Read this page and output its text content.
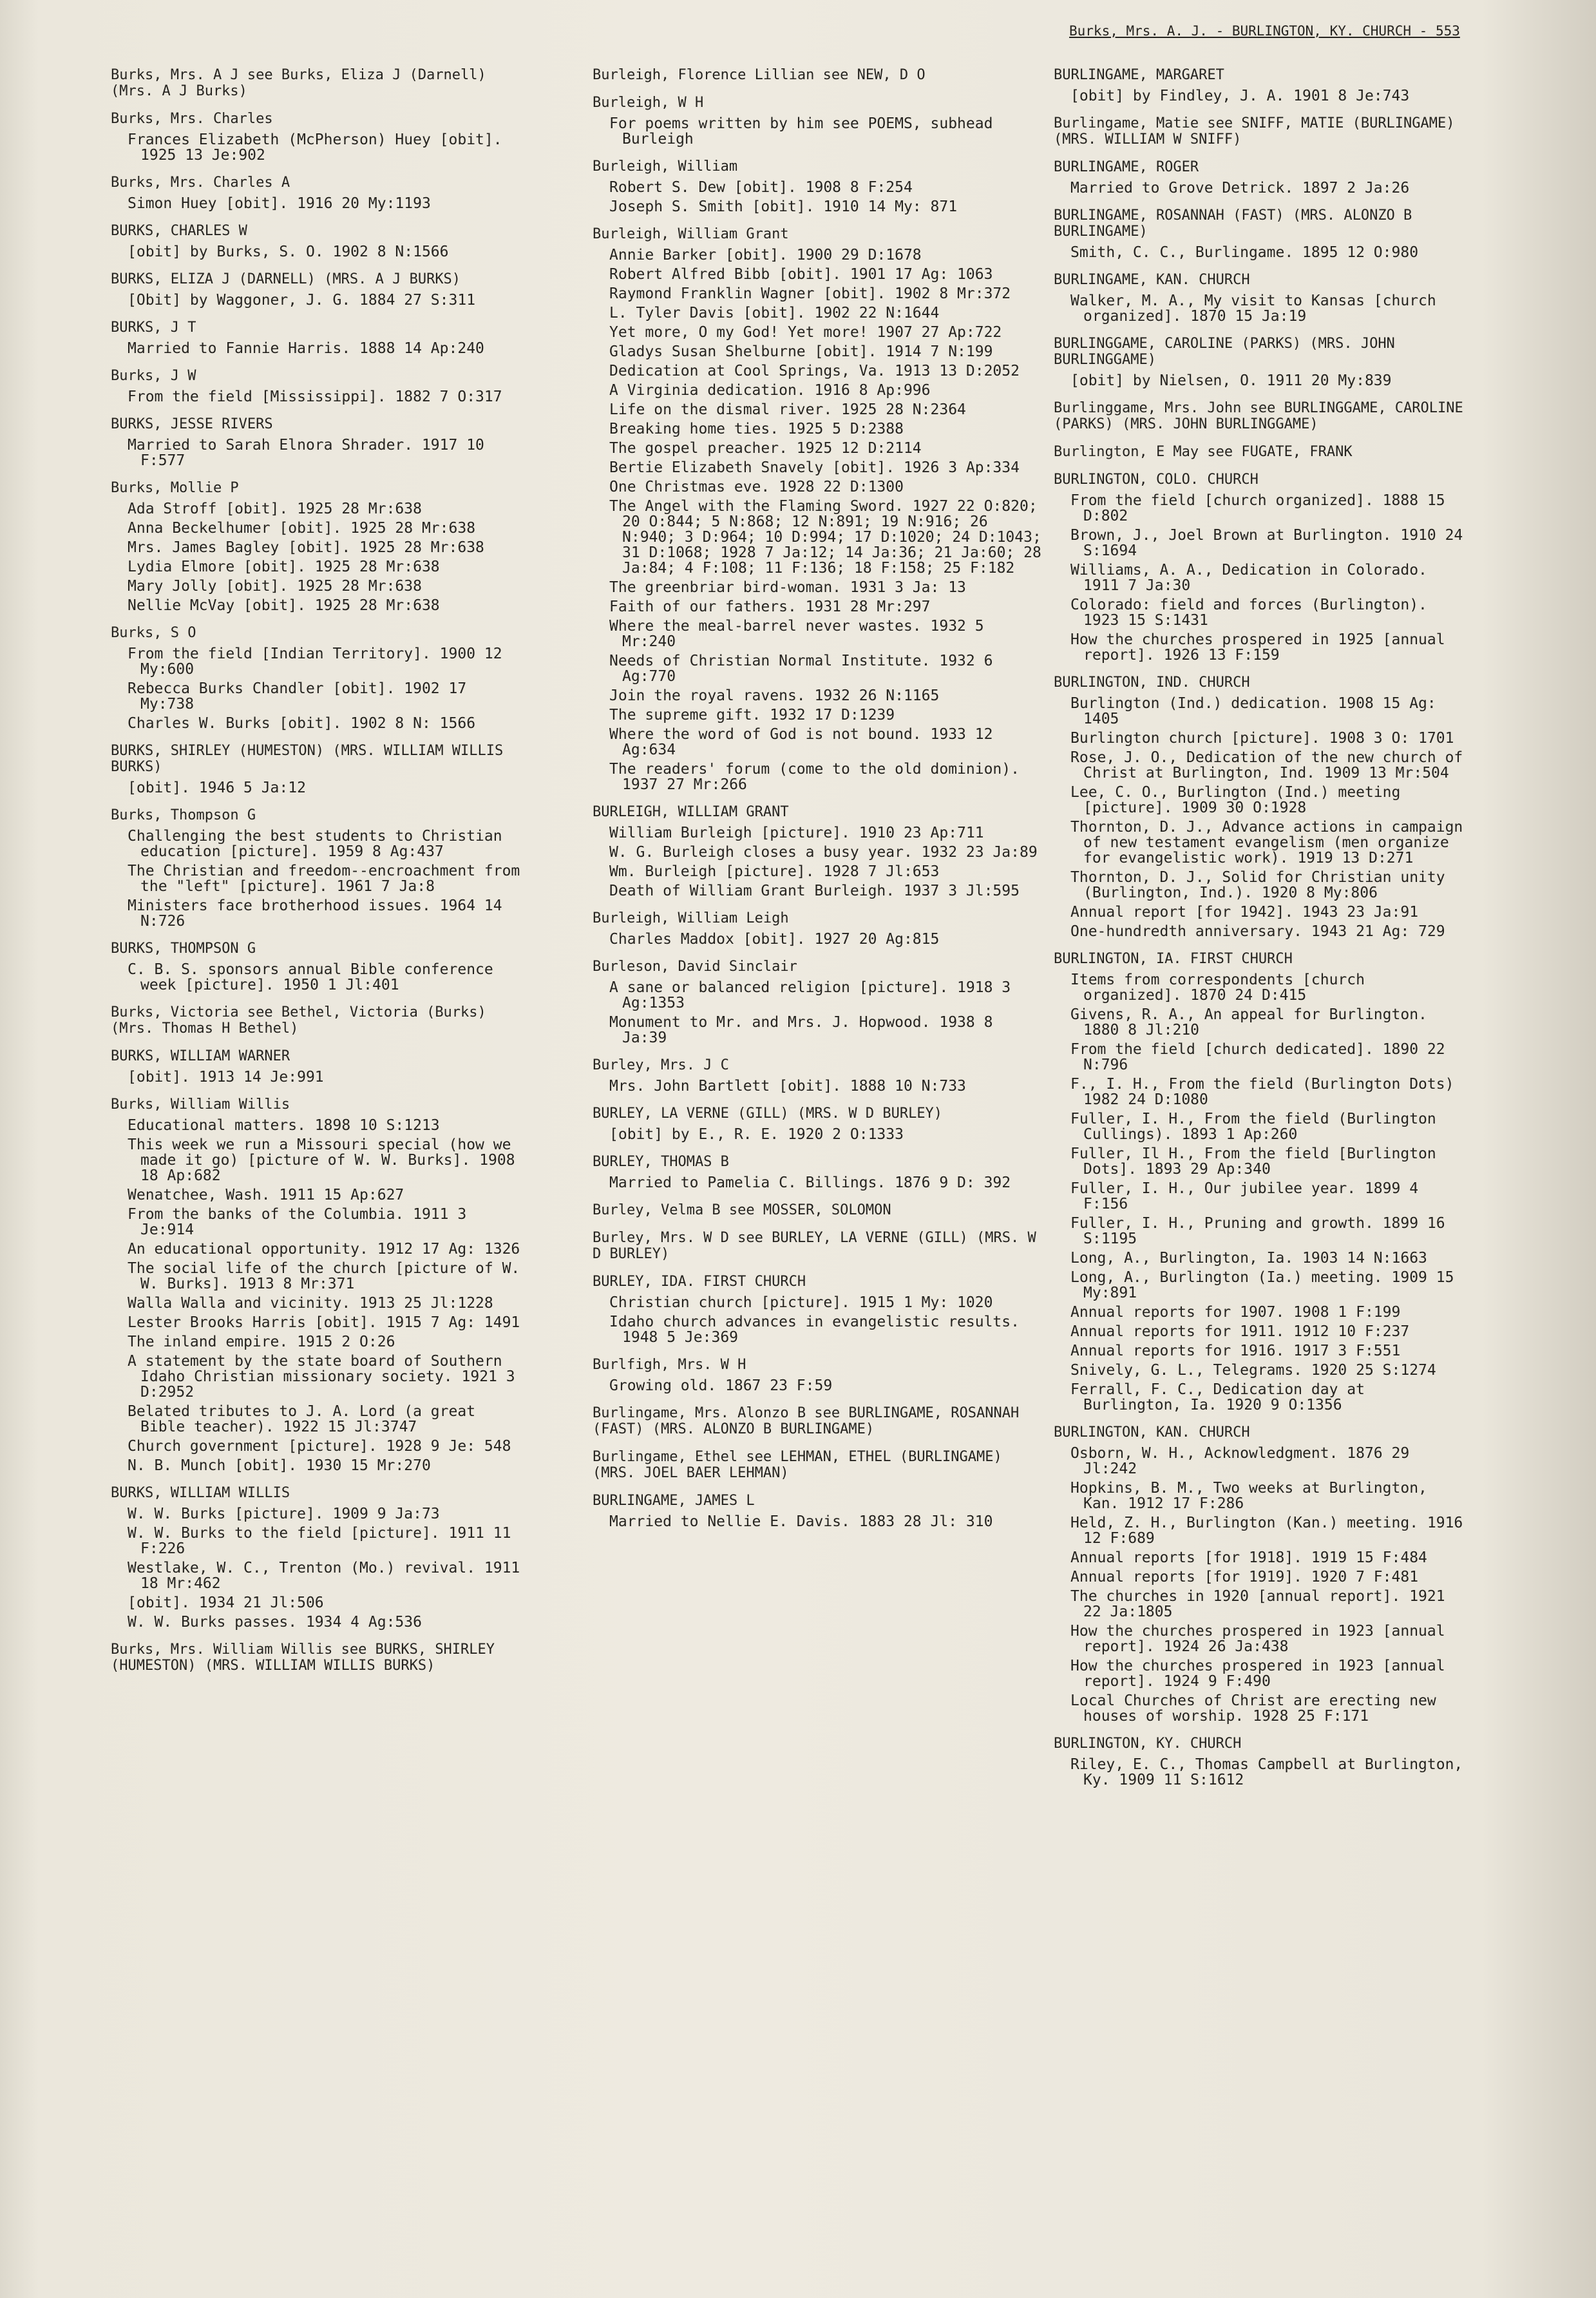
Burks, Mrs. A. J. - BURLINGTON, KY. CHURCH - 553
Burks, Mrs. A J see Burks, Eliza J (Darnell)(Mrs. A J Burks)
Burks, Mrs. Charles
Frances Elizabeth (McPherson) Huey [obit]. 1925 13 Je:902
Burks, Mrs. Charles A
Simon Huey [obit]. 1916 20 My:1193
BURKS, CHARLES W
[obit] by Burks, S. O. 1902 8 N:1566
BURKS, ELIZA J (DARNELL) (MRS. A J BURKS)
[Obit] by Waggoner, J. G. 1884 27 S:311
BURKS, J T
Married to Fannie Harris. 1888 14 Ap:240
Burks, J W
From the field [Mississippi]. 1882 7 O:317
BURKS, JESSE RIVERS
Married to Sarah Elnora Shrader. 1917 10 F:577
Burks, Mollie P
Ada Stroff [obit]. 1925 28 Mr:638
Anna Beckelhumer [obit]. 1925 28 Mr:638
Mrs. James Bagley [obit]. 1925 28 Mr:638
Lydia Elmore [obit]. 1925 28 Mr:638
Mary Jolly [obit]. 1925 28 Mr:638
Nellie McVay [obit]. 1925 28 Mr:638
Burks, S O
From the field [Indian Territory]. 1900 12 My:600
Rebecca Burks Chandler [obit]. 1902 17 My:738
Charles W. Burks [obit]. 1902 8 N: 1566
BURKS, SHIRLEY (HUMESTON) (MRS. WILLIAM WILLIS BURKS)
[obit]. 1946 5 Ja:12
Burks, Thompson G
Challenging the best students to Christian education [picture]. 1959 8 Ag:437
The Christian and freedom--encroachment from the "left" [picture]. 1961 7 Ja:8
Ministers face brotherhood issues. 1964 14 N:726
BURKS, THOMPSON G
C. B. S. sponsors annual Bible conference week [picture]. 1950 1 Jl:401
Burks, Victoria see Bethel, Victoria (Burks) (Mrs. Thomas H Bethel)
BURKS, WILLIAM WARNER
[obit]. 1913 14 Je:991
Burks, William Willis
Educational matters. 1898 10 S:1213
This week we run a Missouri special (how we made it go) [picture of W. W. Burks]. 1908 18 Ap:682
Wenatchee, Wash. 1911 15 Ap:627
From the banks of the Columbia. 1911 3 Je:914
An educational opportunity. 1912 17 Ag: 1326
The social life of the church [picture of W. W. Burks]. 1913 8 Mr:371
Walla Walla and vicinity. 1913 25 Jl:1228
Lester Brooks Harris [obit]. 1915 7 Ag: 1491
The inland empire. 1915 2 O:26
A statement by the state board of Southern Idaho Christian missionary society. 1921 3 D:2952
Belated tributes to J. A. Lord (a great Bible teacher). 1922 15 Jl:3747
Church government [picture]. 1928 9 Je: 548
N. B. Munch [obit]. 1930 15 Mr:270
BURKS, WILLIAM WILLIS
W. W. Burks [picture]. 1909 9 Ja:73
W. W. Burks to the field [picture]. 1911 11 F:226
Westlake, W. C., Trenton (Mo.) revival. 1911 18 Mr:462
[obit]. 1934 21 Jl:506
W. W. Burks passes. 1934 4 Ag:536
Burks, Mrs. William Willis see BURKS, SHIRLEY (HUMESTON) (MRS. WILLIAM WILLIS BURKS)
Burleigh, Florence Lillian see NEW, D O
Burleigh, W H
For poems written by him see POEMS, subhead Burleigh
Burleigh, William
Robert S. Dew [obit]. 1908 8 F:254
Joseph S. Smith [obit]. 1910 14 My: 871
Burleigh, William Grant
Annie Barker [obit]. 1900 29 D:1678
Robert Alfred Bibb [obit]. 1901 17 Ag: 1063
Raymond Franklin Wagner [obit]. 1902 8 Mr:372
L. Tyler Davis [obit]. 1902 22 N:1644
Yet more, O my God! Yet more! 1907 27 Ap:722
Gladys Susan Shelburne [obit]. 1914 7 N:199
Dedication at Cool Springs, Va. 1913 13 D:2052
A Virginia dedication. 1916 8 Ap:996
Life on the dismal river. 1925 28 N:2364
Breaking home ties. 1925 5 D:2388
The gospel preacher. 1925 12 D:2114
Bertie Elizabeth Snavely [obit]. 1926 3 Ap:334
One Christmas eve. 1928 22 D:1300
The Angel with the Flaming Sword. 1927 22 O:820; 20 O:844; 5 N:868; 12 N:891; 19 N:916; 26 N:940; 3 D:964; 10 D:994; 17 D:1020; 24 D:1043; 31 D:1068; 1928 7 Ja:12; 14 Ja:36; 21 Ja:60; 28 Ja:84; 4 F:108; 11 F:136; 18 F:158; 25 F:182
The greenbriar bird-woman. 1931 3 Ja: 13
Faith of our fathers. 1931 28 Mr:297
Where the meal-barrel never wastes. 1932 5 Mr:240
Needs of Christian Normal Institute. 1932 6 Ag:770
Join the royal ravens. 1932 26 N:1165
The supreme gift. 1932 17 D:1239
Where the word of God is not bound. 1933 12 Ag:634
The readers' forum (come to the old dominion). 1937 27 Mr:266
BURLEIGH, WILLIAM GRANT
William Burleigh [picture]. 1910 23 Ap:711
W. G. Burleigh closes a busy year. 1932 23 Ja:89
Wm. Burleigh [picture]. 1928 7 Jl:653
Death of William Grant Burleigh. 1937 3 Jl:595
Burleigh, William Leigh
Charles Maddox [obit]. 1927 20 Ag:815
Burleson, David Sinclair
A sane or balanced religion [picture]. 1918 3 Ag:1353
Monument to Mr. and Mrs. J. Hopwood. 1938 8 Ja:39
Burley, Mrs. J C
Mrs. John Bartlett [obit]. 1888 10 N:733
BURLEY, LA VERNE (GILL) (MRS. W D BURLEY)
[obit] by E., R. E. 1920 2 O:1333
BURLEY, THOMAS B
Married to Pamelia C. Billings. 1876 9 D: 392
Burley, Velma B see MOSSER, SOLOMON
Burley, Mrs. W D see BURLEY, LA VERNE (GILL) (MRS. W D BURLEY)
BURLEY, IDA. FIRST CHURCH
Christian church [picture]. 1915 1 My: 1020
Idaho church advances in evangelistic results. 1948 5 Je:369
Burlfigh, Mrs. W H
Growing old. 1867 23 F:59
Burlingame, Mrs. Alonzo B see BURLINGAME, ROSANNAH (FAST) (MRS. ALONZO B BURLINGAME)
Burlingame, Ethel see LEHMAN, ETHEL (BURLINGAME) (MRS. JOEL BAER LEHMAN)
BURLINGAME, JAMES L
Married to Nellie E. Davis. 1883 28 Jl: 310
BURLINGAME, MARGARET
[obit] by Findley, J. A. 1901 8 Je:743
Burlingame, Matie see SNIFF, MATIE (BURLINGAME) (MRS. WILLIAM W SNIFF)
BURLINGAME, ROGER
Married to Grove Detrick. 1897 2 Ja:26
BURLINGAME, ROSANNAH (FAST) (MRS. ALONZO B BURLINGAME)
Smith, C. C., Burlingame. 1895 12 O:980
BURLINGAME, KAN. CHURCH
Walker, M. A., My visit to Kansas [church organized]. 1870 15 Ja:19
BURLINGGAME, CAROLINE (PARKS) (MRS. JOHN BURLINGGAME)
[obit] by Nielsen, O. 1911 20 My:839
Burlinggame, Mrs. John see BURLINGGAME, CAROLINE (PARKS) (MRS. JOHN BURLINGGAME)
Burlington, E May see FUGATE, FRANK
BURLINGTON, COLO. CHURCH
From the field [church organized]. 1888 15 D:802
Brown, J., Joel Brown at Burlington. 1910 24 S:1694
Williams, A. A., Dedication in Colorado. 1911 7 Ja:30
Colorado: field and forces (Burlington). 1923 15 S:1431
How the churches prospered in 1925 [annual report]. 1926 13 F:159
BURLINGTON, IND. CHURCH
Burlington (Ind.) dedication. 1908 15 Ag: 1405
Burlington church [picture]. 1908 3 O: 1701
Rose, J. O., Dedication of the new church of Christ at Burlington, Ind. 1909 13 Mr:504
Lee, C. O., Burlington (Ind.) meeting [picture]. 1909 30 O:1928
Thornton, D. J., Advance actions in campaign of new testament evangelism (men organize for evangelistic work). 1919 13 D:271
Thornton, D. J., Solid for Christian unity (Burlington, Ind.). 1920 8 My:806
Annual report [for 1942]. 1943 23 Ja:91
One-hundredth anniversary. 1943 21 Ag: 729
BURLINGTON, IA. FIRST CHURCH
Items from correspondents [church organized]. 1870 24 D:415
Givens, R. A., An appeal for Burlington. 1880 8 Jl:210
From the field [church dedicated]. 1890 22 N:796
F., I. H., From the field (Burlington Dots) 1982 24 D:1080
Fuller, I. H., From the field (Burlington Cullings). 1893 1 Ap:260
Fuller, Il H., From the field [Burlington Dots]. 1893 29 Ap:340
Fuller, I. H., Our jubilee year. 1899 4 F:156
Fuller, I. H., Pruning and growth. 1899 16 S:1195
Long, A., Burlington, Ia. 1903 14 N:1663
Long, A., Burlington (Ia.) meeting. 1909 15 My:891
Annual reports for 1907. 1908 1 F:199
Annual reports for 1911. 1912 10 F:237
Annual reports for 1916. 1917 3 F:551
Snively, G. L., Telegrams. 1920 25 S:1274
Ferrall, F. C., Dedication day at Burlington, Ia. 1920 9 O:1356
BURLINGTON, KAN. CHURCH
Osborn, W. H., Acknowledgment. 1876 29 Jl:242
Hopkins, B. M., Two weeks at Burlington, Kan. 1912 17 F:286
Held, Z. H., Burlington (Kan.) meeting. 1916 12 F:689
Annual reports [for 1918]. 1919 15 F:484
Annual reports [for 1919]. 1920 7 F:481
The churches in 1920 [annual report]. 1921 22 Ja:1805
How the churches prospered in 1923 [annual report]. 1924 26 Ja:438
How the churches prospered in 1923 [annual report]. 1924 9 F:490
Local Churches of Christ are erecting new houses of worship. 1928 25 F:171
BURLINGTON, KY. CHURCH
Riley, E. C., Thomas Campbell at Burlington, Ky. 1909 11 S:1612
